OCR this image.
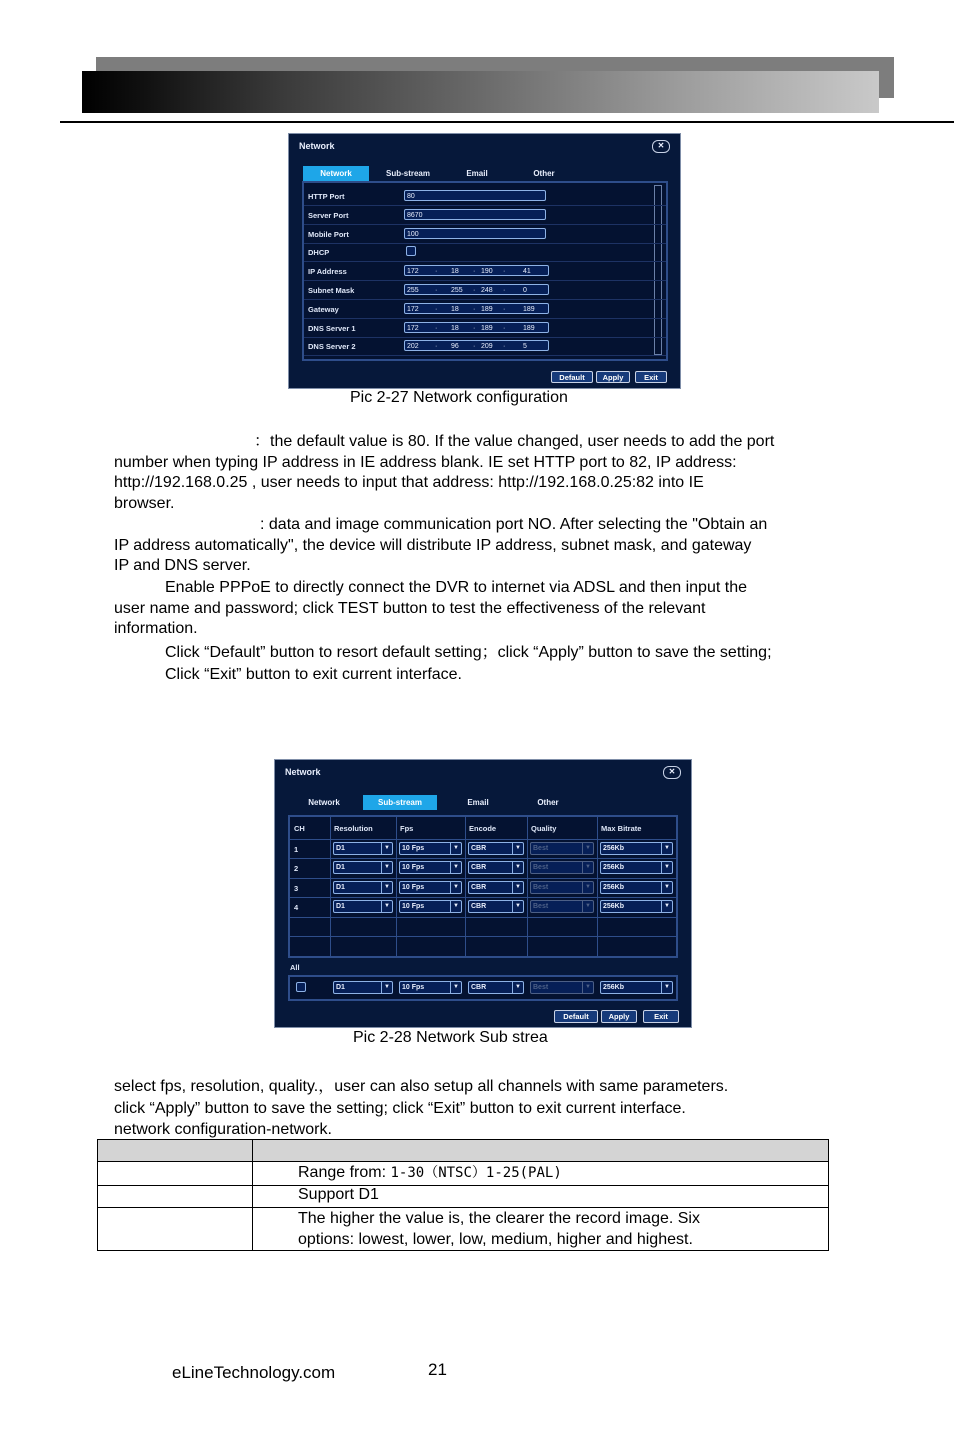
Network	✕
Network	Sub-stream	Email	Other
HTTP Port	80
Server Port	8670
Mobile Port	100
DHCP
IP Address	172 · 18 · 190 ·	41
Subnet Mask	255 · 255 · 248 ·	0
Gateway	172 · 18 · 189 ·	189
DNS Server 1	172 · 18 · 189 ·	189
DNS Server 2	202 · 96 · 209 ·	5
Default	Apply	Exit
Pic 2-27 Network configuration
：the default value is 80. If the value changed, user needs to add the port
number when typing IP address in IE address blank. IE set HTTP port to 82, IP address:
http://192.168.0.25 , user needs to input that address: http://192.168.0.25:82 into IE
browser.
: data and image communication port NO. After selecting the "Obtain an
IP address automatically", the device will distribute IP address, subnet mask, and gateway
IP and DNS server.
Enable PPPoE to directly connect the DVR to internet via ADSL and then input the
user name and password; click TEST button to test the effectiveness of the relevant
information.
Click “Default” button to resort default setting；click “Apply” button to save the setting;
Click “Exit” button to exit current interface.
Network	✕
Network	Sub-stream	Email	Other
CH	Resolution	Fps	Encode	Quality	Max Bitrate
1	D1	▼	10 Fps	▼	CBR	▼	Best	▼	256Kb	▼
2	D1	▼	10 Fps	▼	CBR	▼	Best	▼	256Kb	▼
3	D1	▼	10 Fps	▼	CBR	▼	Best	▼	256Kb	▼
4	D1	▼	10 Fps	▼	CBR	▼	Best	▼	256Kb	▼
All
D1	▼	10 Fps	▼	CBR	▼	Best	▼	256Kb	▼
Default	Apply	Exit
Pic 2-28 Network Sub strea
select fps, resolution, quality.，user can also setup all channels with same parameters.
click “Apply” button to save the setting; click “Exit” button to exit current interface.
network configuration-network.

	Range from: 1-30（NTSC）1-25(PAL)
	Support D1

	The higher the value is, the clearer the record image. Six
options: lowest, lower, low, medium, higher and highest.
eLineTechnology.com	21
